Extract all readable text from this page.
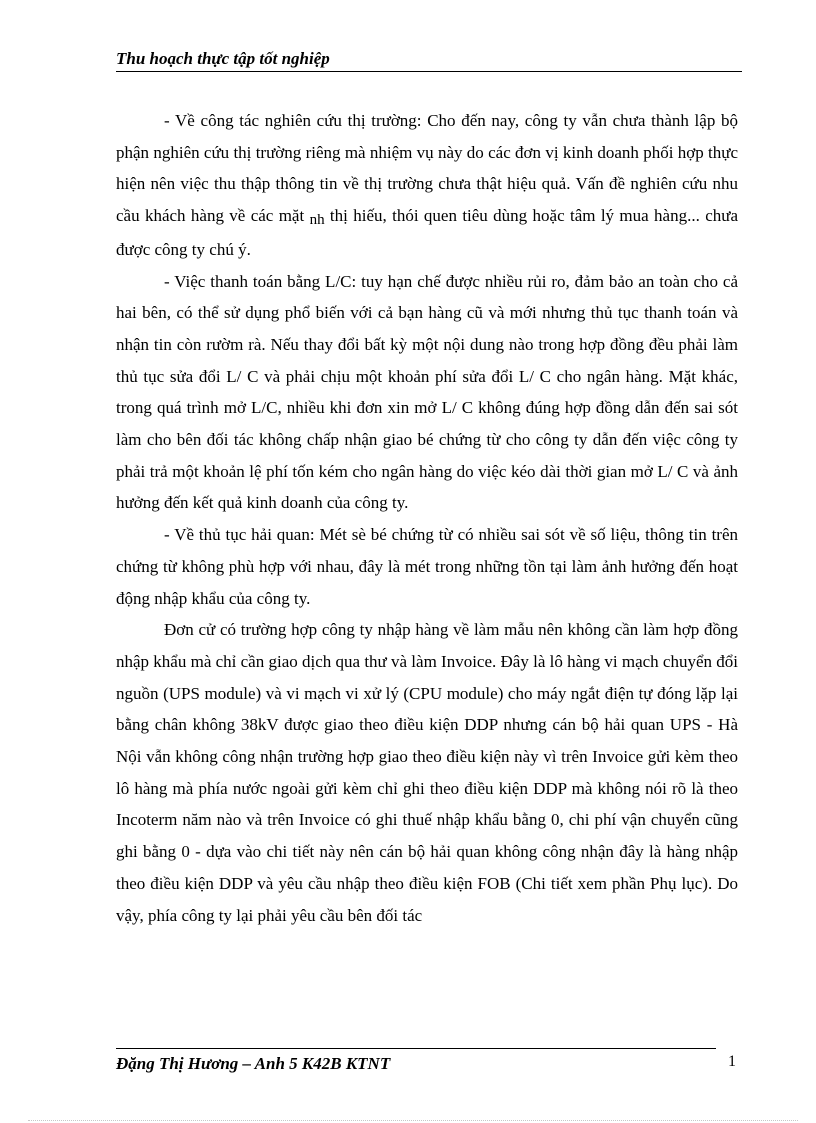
Thu hoạch thực tập tốt nghiệp

- Về công tác nghiên cứu thị trường: Cho đến nay, công ty vẫn chưa thành lập bộ phận nghiên cứu thị trường riêng mà nhiệm vụ này do các đơn vị kinh doanh phối hợp thực hiện nên việc thu thập thông tin về thị trường chưa thật hiệu quả. Vấn đề nghiên cứu nhu cầu khách hàng về các mặt nh thị hiếu, thói quen tiêu dùng hoặc tâm lý mua hàng... chưa được công ty chú ý.

- Việc thanh toán bằng L/C: tuy hạn chế được nhiều rủi ro, đảm bảo an toàn cho cả hai bên, có thể sử dụng phổ biến với cả bạn hàng cũ và mới nhưng thủ tục thanh toán và nhận tin còn rườm rà. Nếu thay đổi bất kỳ một nội dung nào trong hợp đồng đều phải làm thủ tục sửa đổi L/ C và phải chịu một khoản phí sửa đổi L/ C cho ngân hàng. Mặt khác, trong quá trình mở L/C, nhiều khi đơn xin mở L/ C không đúng hợp đồng dẫn đến sai sót làm cho bên đối tác không chấp nhận giao bé chứng từ cho công ty dẫn đến việc công ty phải trả một khoản lệ phí tốn kém cho ngân hàng do việc kéo dài thời gian mở L/ C và ảnh hưởng đến kết quả kinh doanh của công ty.

- Về thủ tục hải quan: Mét sè bé chứng từ có nhiều sai sót về số liệu, thông tin trên chứng từ không phù hợp với nhau, đây là mét trong những tồn tại làm ảnh hưởng đến hoạt động nhập khẩu của công ty.

Đơn cử có trường hợp công ty nhập hàng về làm mẫu nên không cần làm hợp đồng nhập khẩu mà chỉ cần giao dịch qua thư và làm Invoice. Đây là lô hàng vi mạch chuyển đổi nguồn (UPS module) và vi mạch vi xử lý (CPU module) cho máy ngắt điện tự đóng lặp lại bằng chân không 38kV được giao theo điều kiện DDP nhưng cán bộ hải quan UPS - Hà Nội vẫn không công nhận trường hợp giao theo điều kiện này vì trên Invoice gửi kèm theo lô hàng mà phía nước ngoài gửi kèm chỉ ghi theo điều kiện DDP mà không nói rõ là theo Incoterm năm nào và trên Invoice có ghi thuế nhập khẩu bằng 0, chi phí vận chuyển cũng ghi bằng 0 - dựa vào chi tiết này nên cán bộ hải quan không công nhận đây là hàng nhập theo điều kiện DDP và yêu cầu nhập theo điều kiện FOB (Chi tiết xem phần Phụ lục). Do vậy, phía công ty lại phải yêu cầu bên đối tác

Đặng Thị Hương – Anh 5 K42B KTNT	1
